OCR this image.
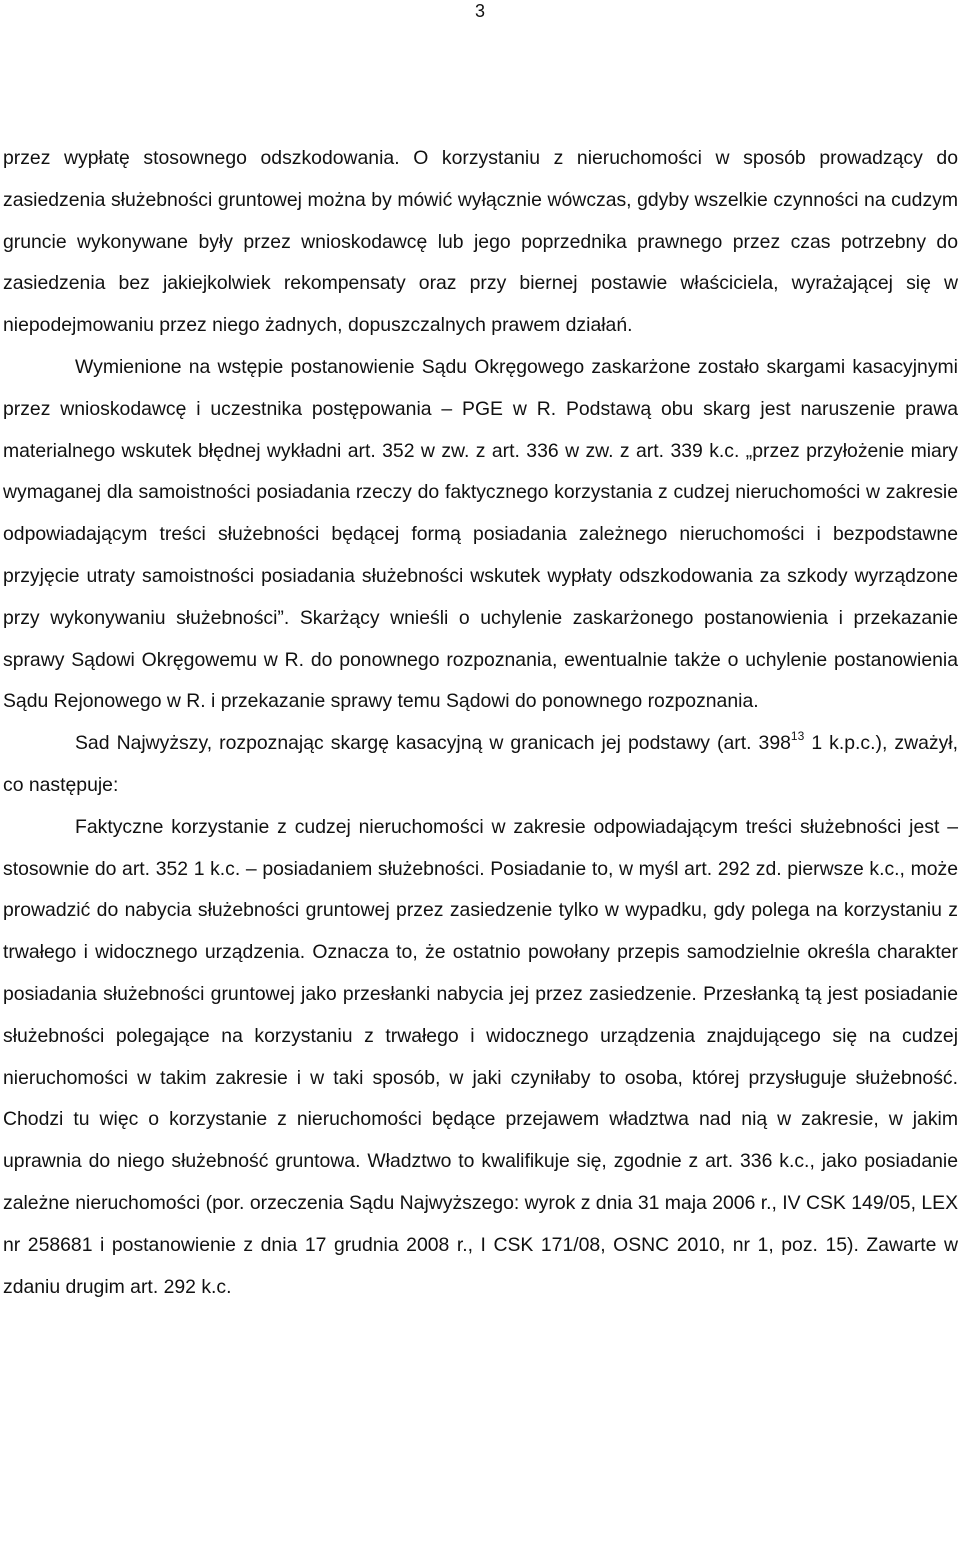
3

przez wypłatę stosownego odszkodowania. O korzystaniu z nieruchomości w sposób prowadzący do zasiedzenia służebności gruntowej można by mówić wyłącznie wówczas, gdyby wszelkie czynności na cudzym gruncie wykonywane były przez wnioskodawcę lub jego poprzednika prawnego przez czas potrzebny do zasiedzenia bez jakiejkolwiek rekompensaty oraz przy biernej postawie właściciela, wyrażającej się w niepodejmowaniu przez niego żadnych, dopuszczalnych prawem działań.

Wymienione na wstępie postanowienie Sądu Okręgowego zaskarżone zostało skargami kasacyjnymi przez wnioskodawcę i uczestnika postępowania – PGE w R. Podstawą obu skarg jest naruszenie prawa materialnego wskutek błędnej wykładni art. 352 w zw. z art. 336 w zw. z art. 339 k.c. „przez przyłożenie miary wymaganej dla samoistności posiadania rzeczy do faktycznego korzystania z cudzej nieruchomości w zakresie odpowiadającym treści służebności będącej formą posiadania zależnego nieruchomości i bezpodstawne przyjęcie utraty samoistności posiadania służebności wskutek wypłaty odszkodowania za szkody wyrządzone przy wykonywaniu służebności”. Skarżący wnieśli o uchylenie zaskarżonego postanowienia i przekazanie sprawy Sądowi Okręgowemu w R. do ponownego rozpoznania, ewentualnie także o uchylenie postanowienia Sądu Rejonowego w R. i przekazanie sprawy temu Sądowi do ponownego rozpoznania.

Sad Najwyższy, rozpoznając skargę kasacyjną w granicach jej podstawy (art. $398^{13}$ 1 k.p.c.), zważył, co następuje:

Faktyczne korzystanie z cudzej nieruchomości w zakresie odpowiadającym treści służebności jest – stosownie do art. 352 1 k.c. – posiadaniem służebności. Posiadanie to, w myśl art. 292 zd. pierwsze k.c., może prowadzić do nabycia służebności gruntowej przez zasiedzenie tylko w wypadku, gdy polega na korzystaniu z trwałego i widocznego urządzenia. Oznacza to, że ostatnio powołany przepis samodzielnie określa charakter posiadania służebności gruntowej jako przesłanki nabycia jej przez zasiedzenie. Przesłanką tą jest posiadanie służebności polegające na korzystaniu z trwałego i widocznego urządzenia znajdującego się na cudzej nieruchomości w takim zakresie i w taki sposób, w jaki czyniłaby to osoba, której przysługuje służebność. Chodzi tu więc o korzystanie z nieruchomości będące przejawem władztwa nad nią w zakresie, w jakim uprawnia do niego służebność gruntowa. Władztwo to kwalifikuje się, zgodnie z art. 336 k.c., jako posiadanie zależne nieruchomości (por. orzeczenia Sądu Najwyższego: wyrok z dnia 31 maja 2006 r., IV CSK 149/05, LEX nr 258681 i postanowienie z dnia 17 grudnia 2008 r., I CSK 171/08, OSNC 2010, nr 1, poz. 15). Zawarte w zdaniu drugim art. 292 k.c.
